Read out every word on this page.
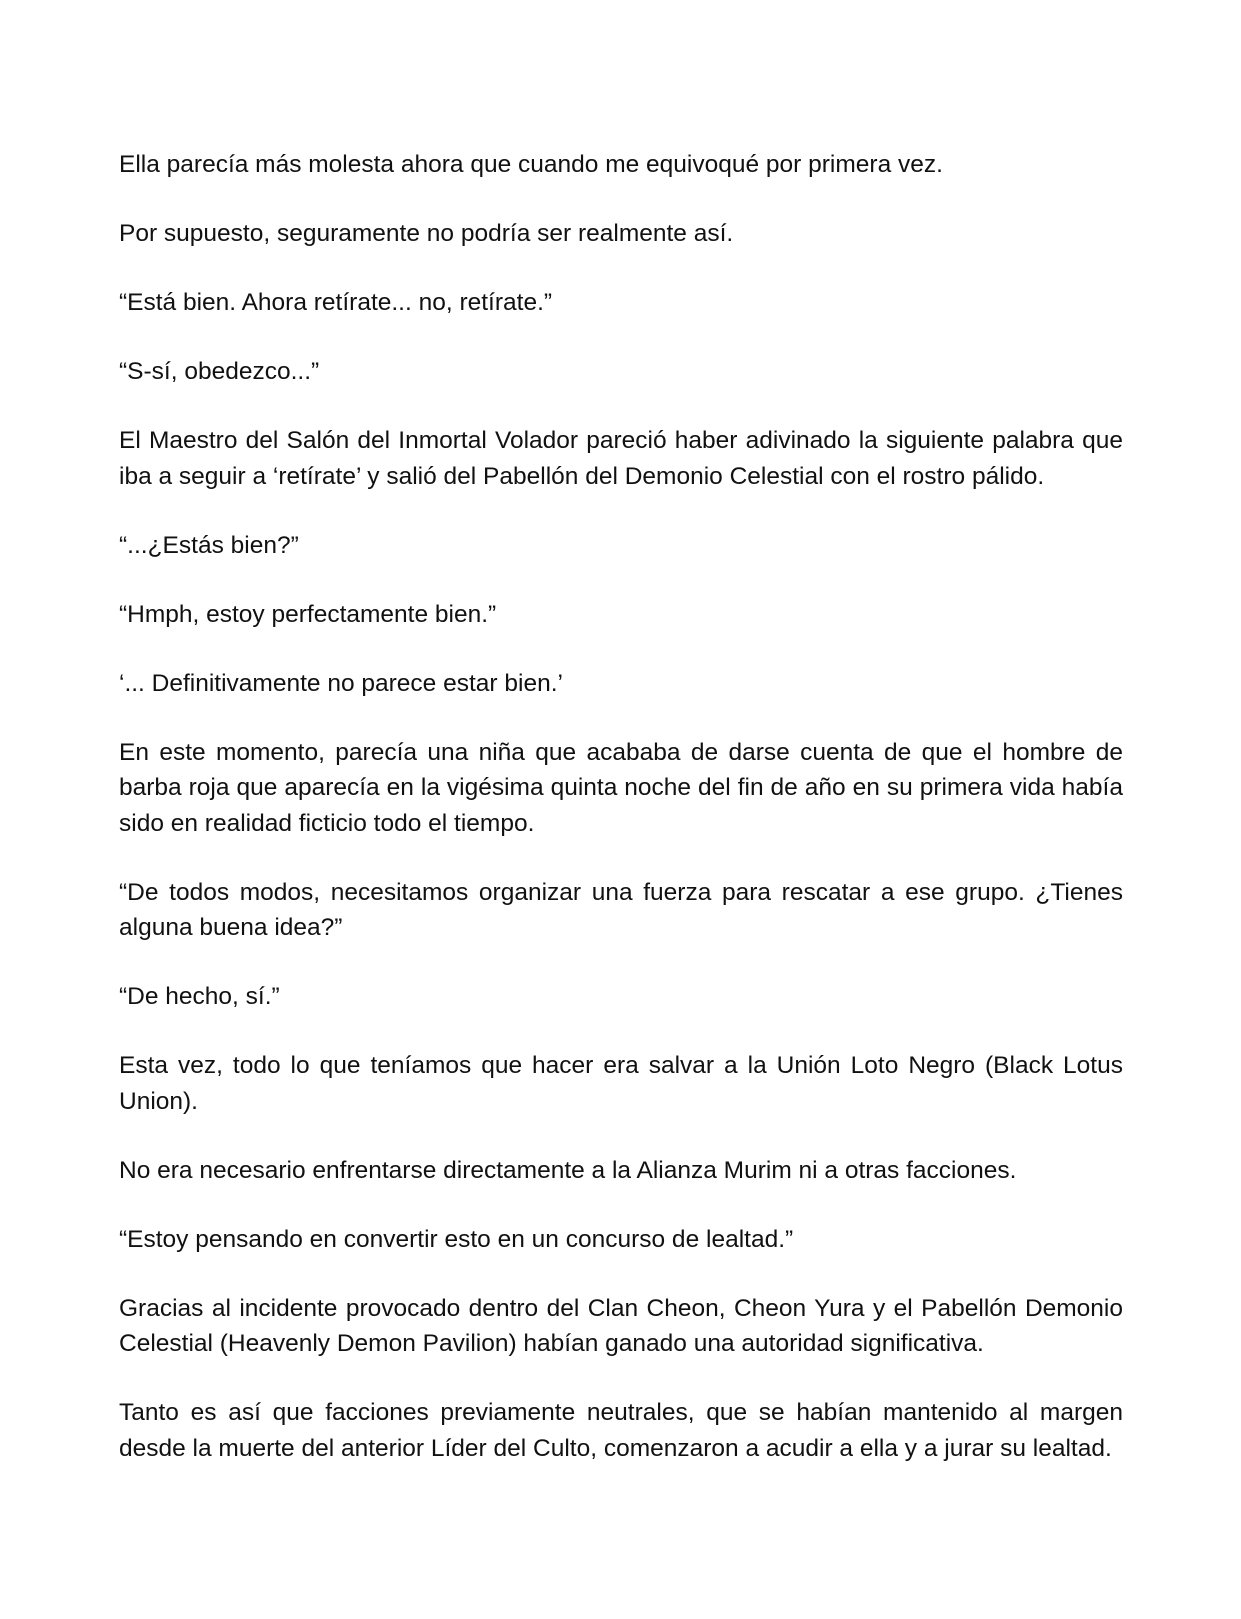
Ella parecía más molesta ahora que cuando me equivoqué por primera vez.

Por supuesto, seguramente no podría ser realmente así.

“Está bien. Ahora retírate... no, retírate.”

“S-sí, obedezco...”

El Maestro del Salón del Inmortal Volador pareció haber adivinado la siguiente palabra que iba a seguir a ‘retírate’ y salió del Pabellón del Demonio Celestial con el rostro pálido.

“...¿Estás bien?”

“Hmph, estoy perfectamente bien.”

‘... Definitivamente no parece estar bien.’

En este momento, parecía una niña que acababa de darse cuenta de que el hombre de barba roja que aparecía en la vigésima quinta noche del fin de año en su primera vida había sido en realidad ficticio todo el tiempo.

“De todos modos, necesitamos organizar una fuerza para rescatar a ese grupo. ¿Tienes alguna buena idea?”

“De hecho, sí.”

Esta vez, todo lo que teníamos que hacer era salvar a la Unión Loto Negro (Black Lotus Union).

No era necesario enfrentarse directamente a la Alianza Murim ni a otras facciones.

“Estoy pensando en convertir esto en un concurso de lealtad.”

Gracias al incidente provocado dentro del Clan Cheon, Cheon Yura y el Pabellón Demonio Celestial (Heavenly Demon Pavilion) habían ganado una autoridad significativa.

Tanto es así que facciones previamente neutrales, que se habían mantenido al margen desde la muerte del anterior Líder del Culto, comenzaron a acudir a ella y a jurar su lealtad.
